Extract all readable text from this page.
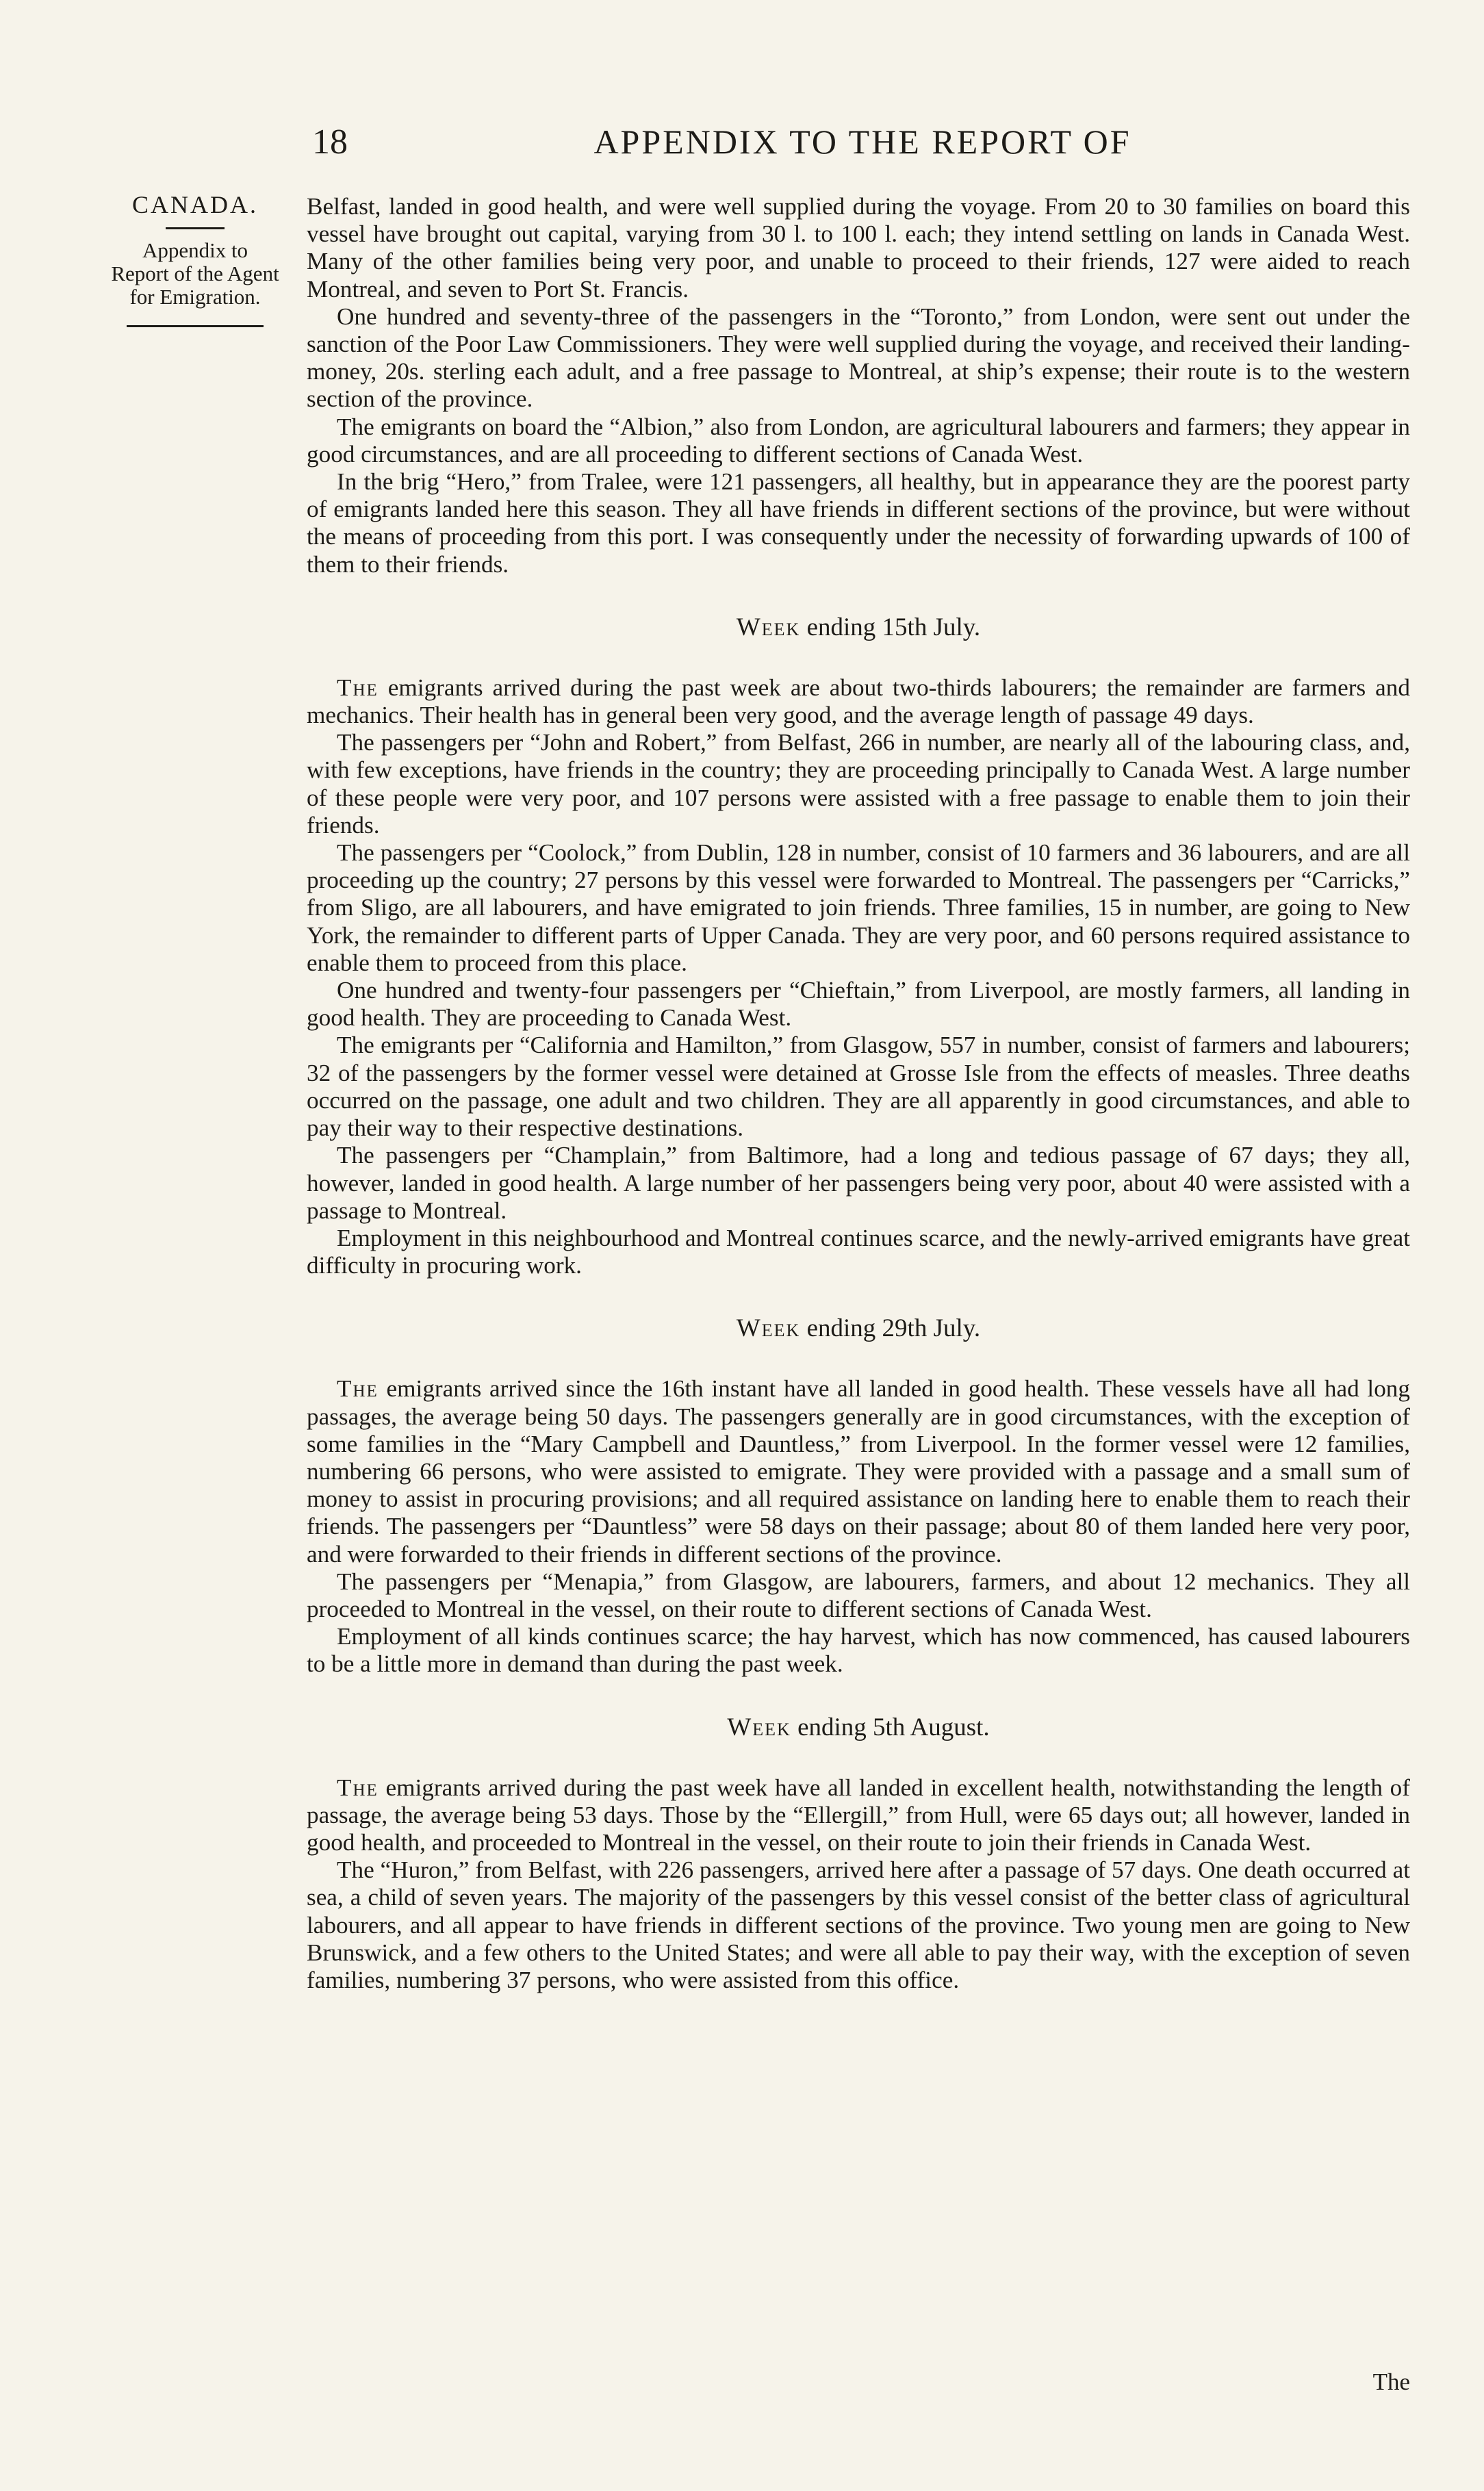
18	APPENDIX TO THE REPORT OF
CANADA.
Appendix to
Report of the Agent
for Emigration.

Belfast, landed in good health, and were well supplied during the voyage. From 20 to 30 families on board this vessel have brought out capital, varying from 30 l. to 100 l. each; they intend settling on lands in Canada West. Many of the other families being very poor, and unable to proceed to their friends, 127 were aided to reach Montreal, and seven to Port St. Francis.

One hundred and seventy-three of the passengers in the “Toronto,” from London, were sent out under the sanction of the Poor Law Commissioners. They were well supplied during the voyage, and received their landing-money, 20s. sterling each adult, and a free passage to Montreal, at ship’s expense; their route is to the western section of the province.

The emigrants on board the “Albion,” also from London, are agricultural labourers and farmers; they appear in good circumstances, and are all proceeding to different sections of Canada West.

In the brig “Hero,” from Tralee, were 121 passengers, all healthy, but in appearance they are the poorest party of emigrants landed here this season. They all have friends in different sections of the province, but were without the means of proceeding from this port. I was consequently under the necessity of forwarding upwards of 100 of them to their friends.

Week ending 15th July.

The emigrants arrived during the past week are about two-thirds labourers; the remainder are farmers and mechanics. Their health has in general been very good, and the average length of passage 49 days.

The passengers per “John and Robert,” from Belfast, 266 in number, are nearly all of the labouring class, and, with few exceptions, have friends in the country; they are proceeding principally to Canada West. A large number of these people were very poor, and 107 persons were assisted with a free passage to enable them to join their friends.

The passengers per “Coolock,” from Dublin, 128 in number, consist of 10 farmers and 36 labourers, and are all proceeding up the country; 27 persons by this vessel were forwarded to Montreal. The passengers per “Carricks,” from Sligo, are all labourers, and have emigrated to join friends. Three families, 15 in number, are going to New York, the remainder to different parts of Upper Canada. They are very poor, and 60 persons required assistance to enable them to proceed from this place.

One hundred and twenty-four passengers per “Chieftain,” from Liverpool, are mostly farmers, all landing in good health. They are proceeding to Canada West.

The emigrants per “California and Hamilton,” from Glasgow, 557 in number, consist of farmers and labourers; 32 of the passengers by the former vessel were detained at Grosse Isle from the effects of measles. Three deaths occurred on the passage, one adult and two children. They are all apparently in good circumstances, and able to pay their way to their respective destinations.

The passengers per “Champlain,” from Baltimore, had a long and tedious passage of 67 days; they all, however, landed in good health. A large number of her passengers being very poor, about 40 were assisted with a passage to Montreal.

Employment in this neighbourhood and Montreal continues scarce, and the newly-arrived emigrants have great difficulty in procuring work.

Week ending 29th July.

The emigrants arrived since the 16th instant have all landed in good health. These vessels have all had long passages, the average being 50 days. The passengers generally are in good circumstances, with the exception of some families in the “Mary Campbell and Dauntless,” from Liverpool. In the former vessel were 12 families, numbering 66 persons, who were assisted to emigrate. They were provided with a passage and a small sum of money to assist in procuring provisions; and all required assistance on landing here to enable them to reach their friends. The passengers per “Dauntless” were 58 days on their passage; about 80 of them landed here very poor, and were forwarded to their friends in different sections of the province.

The passengers per “Menapia,” from Glasgow, are labourers, farmers, and about 12 mechanics. They all proceeded to Montreal in the vessel, on their route to different sections of Canada West.

Employment of all kinds continues scarce; the hay harvest, which has now commenced, has caused labourers to be a little more in demand than during the past week.

Week ending 5th August.

The emigrants arrived during the past week have all landed in excellent health, notwithstanding the length of passage, the average being 53 days. Those by the “Ellergill,” from Hull, were 65 days out; all however, landed in good health, and proceeded to Montreal in the vessel, on their route to join their friends in Canada West.

The “Huron,” from Belfast, with 226 passengers, arrived here after a passage of 57 days. One death occurred at sea, a child of seven years. The majority of the passengers by this vessel consist of the better class of agricultural labourers, and all appear to have friends in different sections of the province. Two young men are going to New Brunswick, and a few others to the United States; and were all able to pay their way, with the exception of seven families, numbering 37 persons, who were assisted from this office.

The
